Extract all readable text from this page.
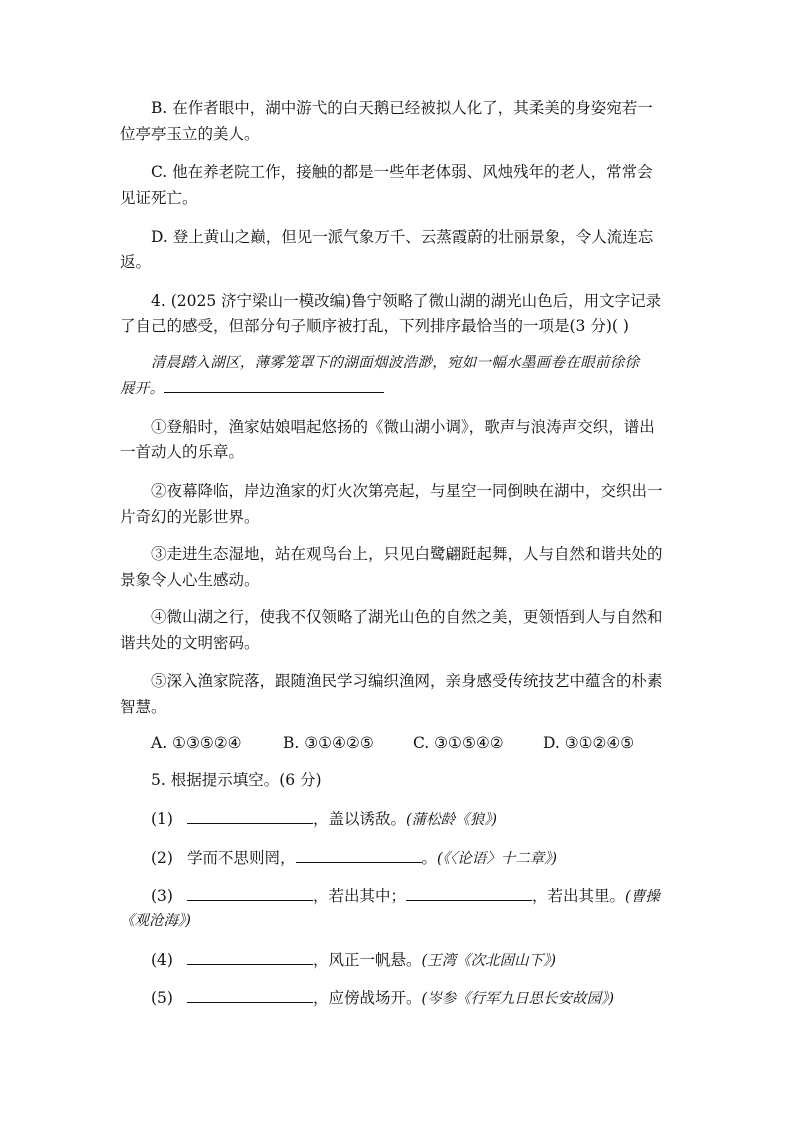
B. 在作者眼中，湖中游弋的白天鹅已经被拟人化了，其柔美的身姿宛若一
位亭亭玉立的美人。
C. 他在养老院工作，接触的都是一些年老体弱、风烛残年的老人，常常会
见证死亡。
D. 登上黄山之巅，但见一派气象万千、云蒸霞蔚的壮丽景象，令人流连忘
返。
4. (2025 济宁梁山一模改编)鲁宁领略了微山湖的湖光山色后，用文字记录
了自己的感受，但部分句子顺序被打乱，下列排序最恰当的一项是(3 分)( )
清晨踏入湖区，薄雾笼罩下的湖面烟波浩渺，宛如一幅水墨画卷在眼前徐徐
展开。
①登船时，渔家姑娘唱起悠扬的《微山湖小调》，歌声与浪涛声交织，谱出
一首动人的乐章。
②夜幕降临，岸边渔家的灯火次第亮起，与星空一同倒映在湖中，交织出一
片奇幻的光影世界。
③走进生态湿地，站在观鸟台上，只见白鹭翩跹起舞，人与自然和谐共处的
景象令人心生感动。
④微山湖之行，使我不仅领略了湖光山色的自然之美，更领悟到人与自然和
谐共处的文明密码。
⑤深入渔家院落，跟随渔民学习编织渔网，亲身感受传统技艺中蕴含的朴素
智慧。
A. ①③⑤②④	B. ③①④②⑤	C. ③①⑤④②	D. ③①②④⑤
5. 根据提示填空。(6 分)
(1)	，盖以诱敌。(蒲松龄《狼》)
(2) 学而不思则罔，	。(《〈论语〉十二章》)
(3)	，若出其中；	，若出其里。(曹操
《观沧海》)
(4)	，风正一帆悬。(王湾《次北固山下》)
(5)	，应傍战场开。(岑参《行军九日思长安故园》)
